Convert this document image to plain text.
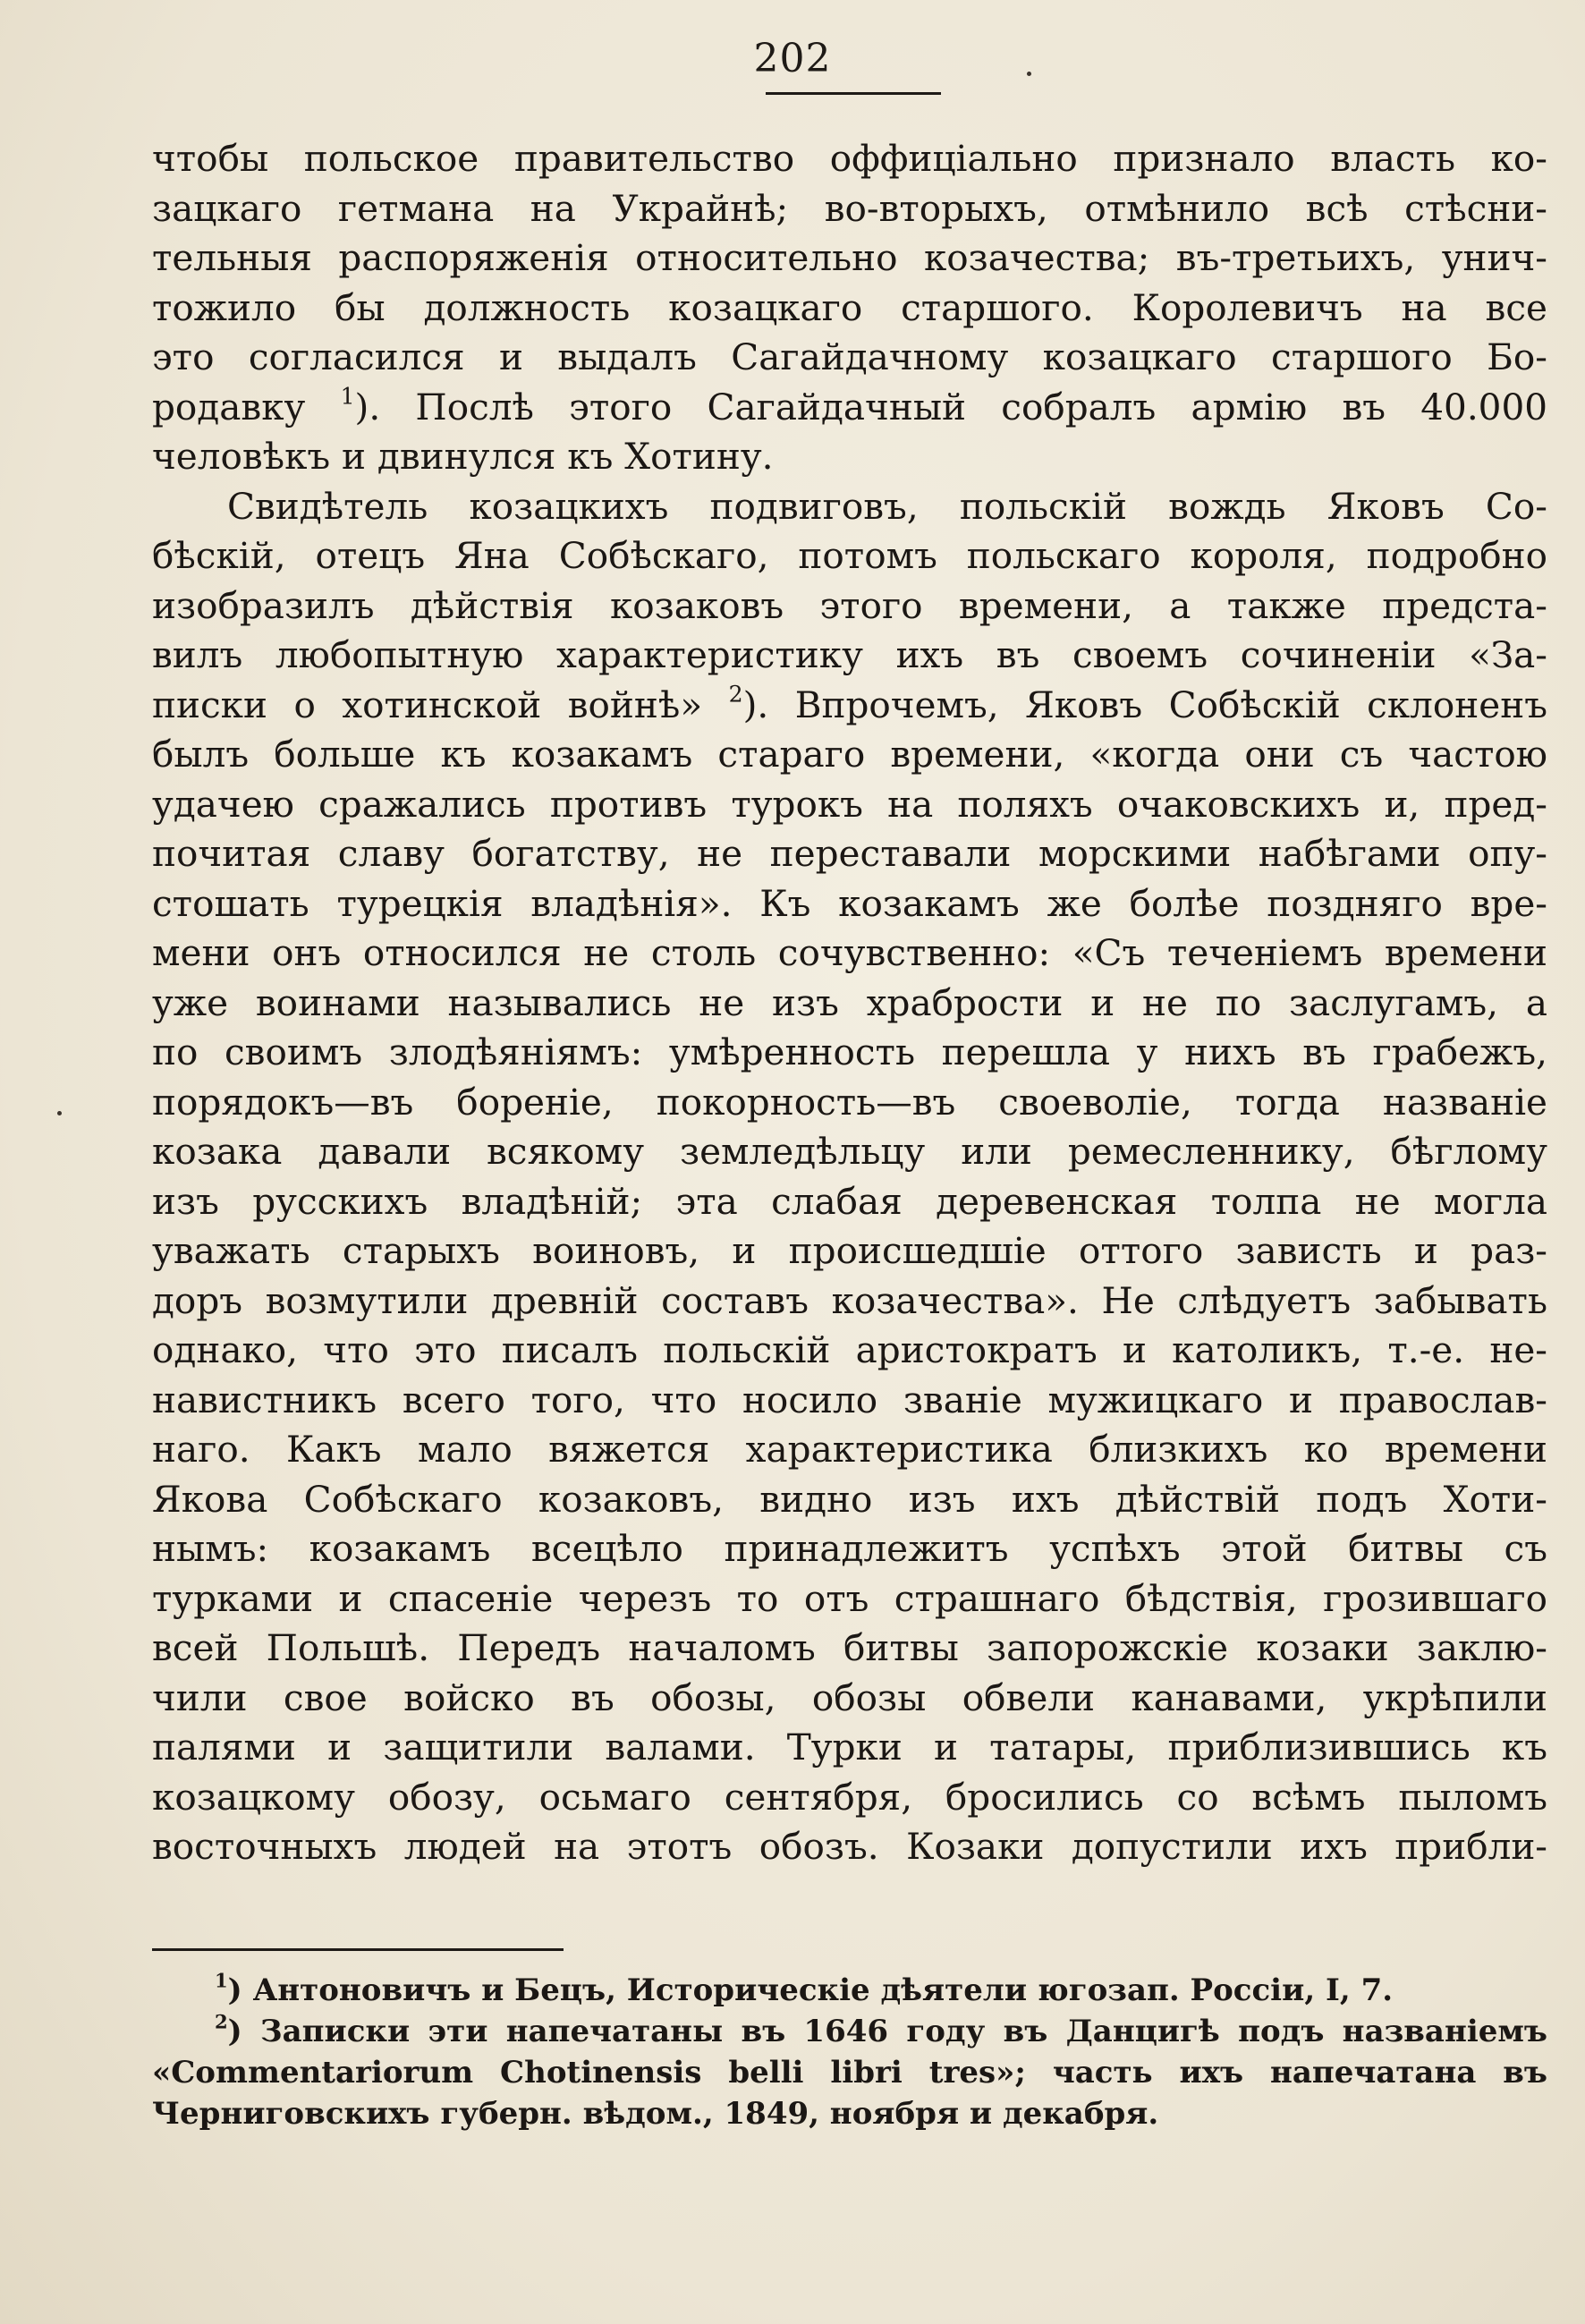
202
чтобы польское правительство оффиціально признало власть ко-
зацкаго гетмана на Украйнѣ; во-вторыхъ, отмѣнило всѣ стѣсни-
тельныя распоряженія относительно козачества; въ-третьихъ, унич-
тожило бы должность козацкаго старшого. Королевичъ на все
это согласился и выдалъ Сагайдачному козацкаго старшого Бо-
родавку $^1$). Послѣ этого Сагайдачный собралъ армію въ 40.000
человѣкъ и двинулся къ Хотину.
Свидѣтель козацкихъ подвиговъ, польскій вождь Яковъ Со-
бѣскій, отецъ Яна Собѣскаго, потомъ польскаго короля, подробно
изобразилъ дѣйствія козаковъ этого времени, а также предста-
вилъ любопытную характеристику ихъ въ своемъ сочиненіи «За-
писки о хотинской войнѣ» $^2$). Впрочемъ, Яковъ Собѣскій склоненъ
былъ больше къ козакамъ стараго времени, «когда они съ частою
удачею сражались противъ турокъ на поляхъ очаковскихъ и, пред-
почитая славу богатству, не переставали морскими набѣгами опу-
стошать турецкія владѣнія». Къ козакамъ же болѣе поздняго вре-
мени онъ относился не столь сочувственно: «Съ теченіемъ времени
уже воинами назывались не изъ храбрости и не по заслугамъ, а
по своимъ злодѣяніямъ: умѣренность перешла у нихъ въ грабежъ,
порядокъ—въ бореніе, покорность—въ своеволіе, тогда названіе
козака давали всякому земледѣльцу или ремесленнику, бѣглому
изъ русскихъ владѣній; эта слабая деревенская толпа не могла
уважать старыхъ воиновъ, и происшедшіе оттого зависть и раз-
доръ возмутили древній составъ козачества». Не слѣдуетъ забывать
однако, что это писалъ польскій аристократъ и католикъ, т.-е. не-
навистникъ всего того, что носило званіе мужицкаго и православ-
наго. Какъ мало вяжется характеристика близкихъ ко времени
Якова Собѣскаго козаковъ, видно изъ ихъ дѣйствій подъ Хоти-
нымъ: козакамъ всецѣло принадлежитъ успѣхъ этой битвы съ
турками и спасеніе черезъ то отъ страшнаго бѣдствія, грозившаго
всей Польшѣ. Передъ началомъ битвы запорожскіе козаки заклю-
чили свое войско въ обозы, обозы обвели канавами, укрѣпили
палями и защитили валами. Турки и татары, приблизившись къ
козацкому обозу, осьмаго сентября, бросились со всѣмъ пыломъ
восточныхъ людей на этотъ обозъ. Козаки допустили ихъ прибли-
$^1$) Антоновичъ и Бецъ, Историческіе дѣятели югозап. Россіи, I, 7.
$^2$) Записки эти напечатаны въ 1646 году въ Данцигѣ подъ названіемъ
«Commentariorum Chotinensis belli libri tres»; часть ихъ напечатана въ
Черниговскихъ губерн. вѣдом., 1849, ноября и декабря.
